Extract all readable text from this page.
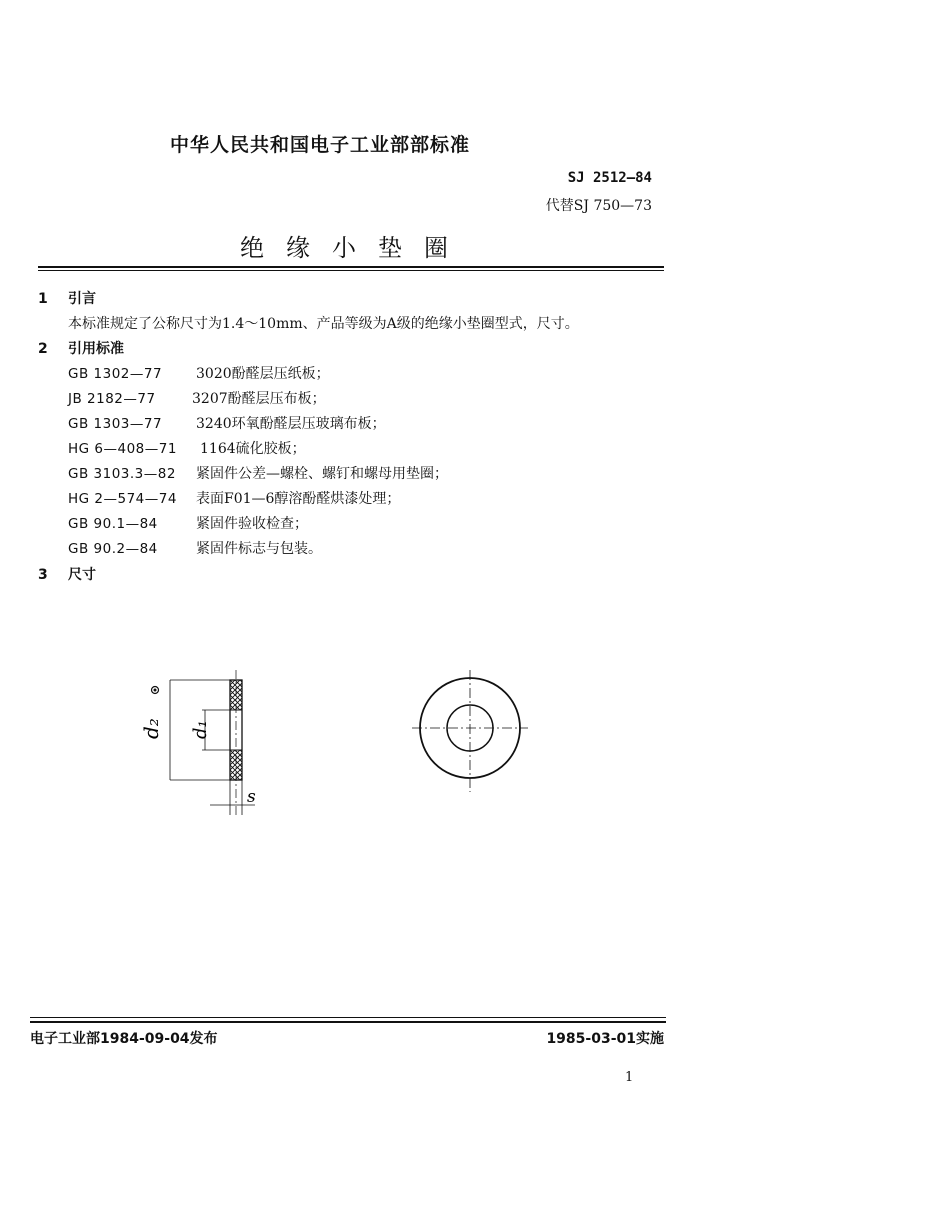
中华人民共和国电子工业部部标准
SJ 2512—84
代替SJ 750—73
绝缘小垫圈
1 引言
本标准规定了公称尺寸为1.4～10mm、产品等级为A级的绝缘小垫圈型式，尺寸。
2 引用标准
GB 1302—77 3020酚醛层压纸板；
JB 2182—77	3207酚醛层压布板；
GB 1303—77 3240环氧酚醛层压玻璃布板；
HG 6—408—71 1164硫化胶板；
GB 3103.3—82 紧固件公差—螺栓、螺钉和螺母用垫圈；
HG 2—574—74 表面F01—6醇溶酚醛烘漆处理；
GB 90.1—84	紧固件验收检查；
GB 90.2—84	紧固件标志与包装。
3 尺寸
d₂ d₁
s
电子工业部1984-09-04发布	1985-03-01实施
1
